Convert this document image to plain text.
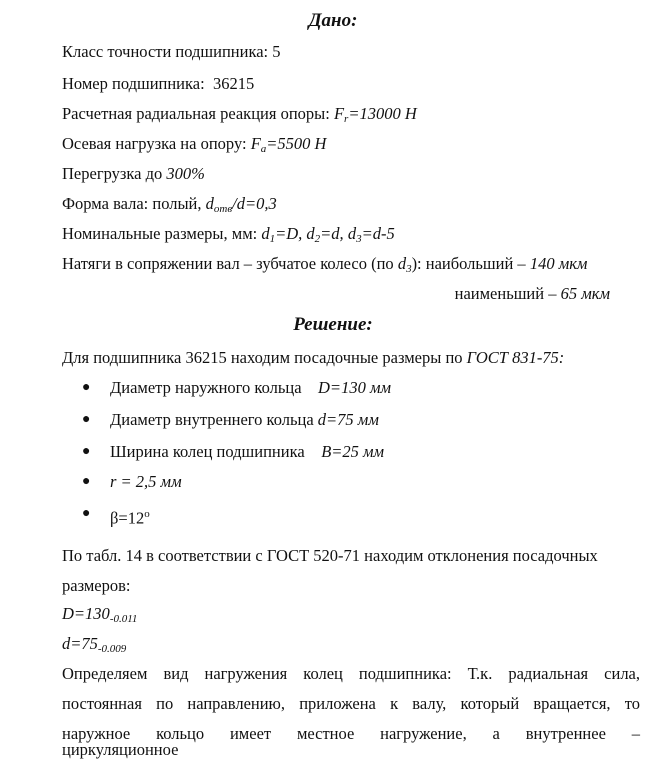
Дано:
Класс точности подшипника: 5
Номер подшипника: 36215
Расчетная радиальная реакция опоры: $F_r=13000$ Н
Осевая нагрузка на опору: $F_a=5500$ Н
Перегрузка до 300%
Форма вала: полый, $d_{отв}/d=0,3$
Номинальные размеры, мм: $d_1=D$, $d_2=d$, $d_3=d-5$
Натяги в сопряжении вал – зубчатое колесо (по $d_3$): наибольший – 140 мкм
наименьший – 65 мкм
Решение:
Для подшипника 36215 находим посадочные размеры по ГОСТ 831-75:
● Диаметр наружного кольца D=130 мм
● Диаметр внутреннего кольца d=75 мм
● Ширина колец подшипника B=25 мм
● r = 2,5 мм
● $\beta=12^о$
По табл. 14 в соответствии с ГОСТ 520-71 находим отклонения посадочных
размеров:
$D=130_{-0.011}$
$d=75_{-0.009}$
Определяем вид нагружения колец подшипника: Т.к. радиальная сила,
постоянная по направлению, приложена к валу, который вращается, то
наружное кольцо имеет местное нагружение, а внутреннее –
циркуляционное
